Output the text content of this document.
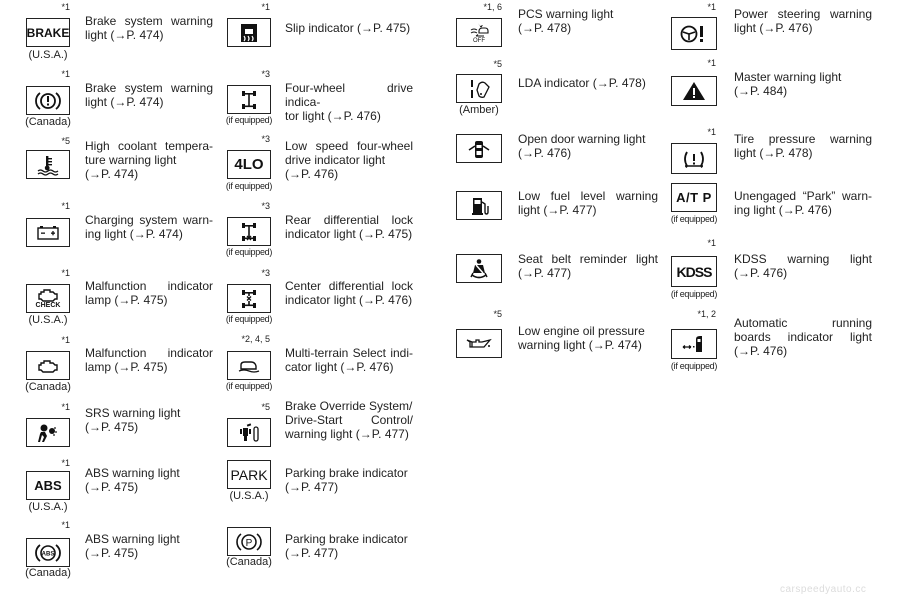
*1
BRAKE
(U.S.A.)
Brake system warning
light (→P. 474)
*1
(Canada)
Brake system warning
light (→P. 474)
*5 High coolant tempera-
ture warning light
(→P. 474)
*1
Charging system warn-
ing light (→P. 474)
*1
CHECK
(U.S.A.)
Malfunction indicator
lamp (→P. 475)
*1
(Canada)
Malfunction indicator
lamp (→P. 475)
*1 SRS warning light
(→P. 475)
*1
ABS
(U.S.A.)
ABS warning light
(→P. 475)
*1
ABS
(Canada)
ABS warning light
(→P. 475)
*1
Slip indicator (→P. 475)
*3
(if equipped)
Four-wheel drive indica-
tor light (→P. 476)
*3
4LO
(if equipped)
Low speed four-wheel
drive indicator light
(→P. 476)
*3
(if equipped)
Rear differential lock
indicator light (→P. 475)
*3
(if equipped)
Center differential lock
indicator light (→P. 476)
*2, 4, 5
(if equipped)
Multi-terrain Select indi-
cator light (→P. 476)
*5 Brake Override System/
Drive-Start Control/
warning light (→P. 477)
PARK
(U.S.A.)
Parking brake indicator
(→P. 477)
P
(Canada)
Parking brake indicator
(→P. 477)
*1, 6
OFF
PCS warning light
(→P. 478)
*5
(Amber)
LDA indicator (→P. 478)
Open door warning light
(→P. 476)
Low fuel level warning
light (→P. 477)
Seat belt reminder light
(→P. 477)
*5
Low engine oil pressure
warning light (→P. 474)
*1 Power steering warning
light (→P. 476)
*1
Master warning light
(→P. 484)
*1 Tire pressure warning
light (→P. 478)
A/T P
(if equipped)
Unengaged “Park” warn-
ing light (→P. 476)
*1
KDSS
(if equipped)
KDSS warning light
(→P. 476)
*1, 2
(if equipped)
Automatic running
boards indicator light
(→P. 476)
carspeedyauto.cc
